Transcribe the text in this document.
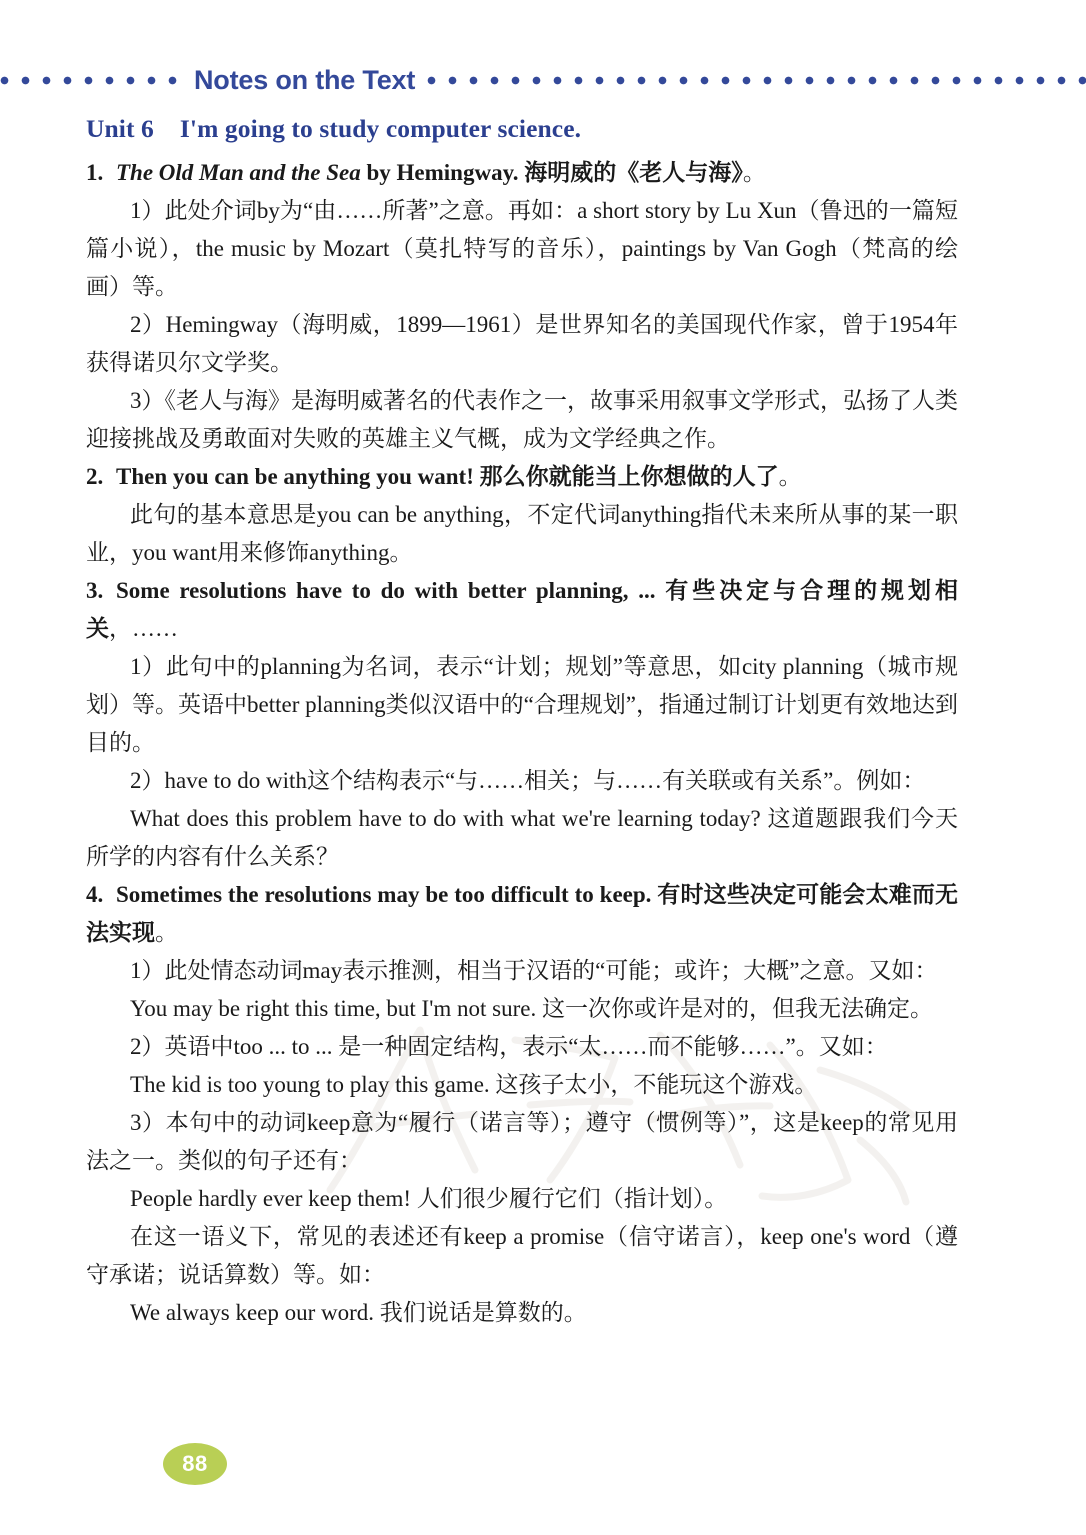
Notes on the Text
Unit 6 I'm going to study computer science.
1. The Old Man and the Sea by Hemingway. 海明威的《老人与海》。

1）此处介词by为“由……所著”之意。再如：a short story by Lu Xun（鲁迅的一篇短篇小说），the music by Mozart（莫扎特写的音乐），paintings by Van Gogh（梵高的绘画）等。

2）Hemingway（海明威，1899—1961）是世界知名的美国现代作家，曾于1954年获得诺贝尔文学奖。

3）《老人与海》是海明威著名的代表作之一，故事采用叙事文学形式，弘扬了人类迎接挑战及勇敢面对失败的英雄主义气概，成为文学经典之作。

2. Then you can be anything you want! 那么你就能当上你想做的人了。

此句的基本意思是you can be anything，不定代词anything指代未来所从事的某一职业，you want用来修饰anything。

3. Some resolutions have to do with better planning, ... 有些决定与合理的规划相关，……

1）此句中的planning为名词，表示“计划；规划”等意思，如city planning（城市规划）等。英语中better planning类似汉语中的“合理规划”，指通过制订计划更有效地达到目的。

2）have to do with这个结构表示“与……相关；与……有关联或有关系”。例如：

What does this problem have to do with what we're learning today? 这道题跟我们今天所学的内容有什么关系？

4. Sometimes the resolutions may be too difficult to keep. 有时这些决定可能会太难而无法实现。

1）此处情态动词may表示推测，相当于汉语的“可能；或许；大概”之意。又如：

You may be right this time, but I'm not sure. 这一次你或许是对的，但我无法确定。

2）英语中too ... to ... 是一种固定结构，表示“太……而不能够……”。又如：

The kid is too young to play this game. 这孩子太小，不能玩这个游戏。

3）本句中的动词keep意为“履行（诺言等）；遵守（惯例等）”，这是keep的常见用法之一。类似的句子还有：

People hardly ever keep them! 人们很少履行它们（指计划）。

在这一语义下，常见的表述还有keep a promise（信守诺言），keep one's word（遵守承诺；说话算数）等。如：

We always keep our word. 我们说话是算数的。

88
